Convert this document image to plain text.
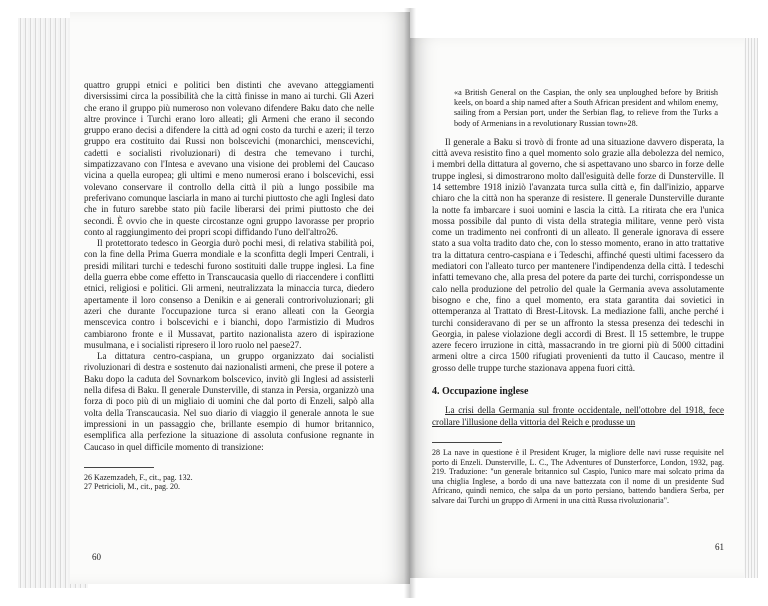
quattro gruppi etnici e politici ben distinti che avevano atteggiamenti diversissimi circa la possibilità che la città finisse in mano ai turchi. Gli Azeri che erano il gruppo più numeroso non volevano difendere Baku dato che nelle altre province i Turchi erano loro alleati; gli Armeni che erano il secondo gruppo erano decisi a difendere la città ad ogni costo da turchi e azeri; il terzo gruppo era costituito dai Russi non bolscevichi (monarchici, menscevichi, cadetti e socialisti rivoluzionari) di destra che temevano i turchi, simpatizzavano con l'Intesa e avevano una visione dei problemi del Caucaso vicina a quella europea; gli ultimi e meno numerosi erano i bolscevichi, essi volevano conservare il controllo della città il più a lungo possibile ma preferivano comunque lasciarla in mano ai turchi piuttosto che agli Inglesi dato che in futuro sarebbe stato più facile liberarsi dei primi piuttosto che dei secondi. È ovvio che in queste circostanze ogni gruppo lavorasse per proprio conto al raggiungimento dei propri scopi diffidando l'uno dell'altro26.

Il protettorato tedesco in Georgia durò pochi mesi, di relativa stabilità poi, con la fine della Prima Guerra mondiale e la sconfitta degli Imperi Centrali, i presidi militari turchi e tedeschi furono sostituiti dalle truppe inglesi. La fine della guerra ebbe come effetto in Transcaucasia quello di riaccendere i conflitti etnici, religiosi e politici. Gli armeni, neutralizzata la minaccia turca, diedero apertamente il loro consenso a Denikin e ai generali controrivoluzionari; gli azeri che durante l'occupazione turca si erano alleati con la Georgia menscevica contro i bolscevichi e i bianchi, dopo l'armistizio di Mudros cambiarono fronte e il Mussavat, partito nazionalista azero di ispirazione musulmana, e i socialisti ripresero il loro ruolo nel paese27.

La dittatura centro-caspiana, un gruppo organizzato dai socialisti rivoluzionari di destra e sostenuto dai nazionalisti armeni, che prese il potere a Baku dopo la caduta del Sovnarkom bolscevico, invitò gli Inglesi ad assisterli nella difesa di Baku. Il generale Dunsterville, di stanza in Persia, organizzò una forza di poco più di un migliaio di uomini che dal porto di Enzeli, salpò alla volta della Transcaucasia. Nel suo diario di viaggio il generale annota le sue impressioni in un passaggio che, brillante esempio di humor britannico, esemplifica alla perfezione la situazione di assoluta confusione regnante in Caucaso in quel difficile momento di transizione:

26 Kazemzadeh, F., cit., pag. 132.

27 Petricioli, M., cit., pag. 20.

60

«a British General on the Caspian, the only sea unploughed before by British keels, on board a ship named after a South African president and whilom enemy, sailing from a Persian port, under the Serbian flag, to relieve from the Turks a body of Armenians in a revolutionary Russian town»28.

Il generale a Baku si trovò di fronte ad una situazione davvero disperata, la città aveva resistito fino a quel momento solo grazie alla debolezza del nemico, i membri della dittatura al governo, che si aspettavano uno sbarco in forze delle truppe inglesi, si dimostrarono molto dall'esiguità delle forze di Dunsterville. Il 14 settembre 1918 iniziò l'avanzata turca sulla città e, fin dall'inizio, apparve chiaro che la città non ha speranze di resistere. Il generale Dunsterville durante la notte fa imbarcare i suoi uomini e lascia la città. La ritirata che era l'unica mossa possibile dal punto di vista della strategia militare, venne però vista come un tradimento nei confronti di un alleato. Il generale ignorava di essere stato a sua volta tradito dato che, con lo stesso momento, erano in atto trattative tra la dittatura centro-caspiana e i Tedeschi, affinché questi ultimi facessero da mediatori con l'alleato turco per mantenere l'indipendenza della città. I tedeschi infatti temevano che, alla presa del potere da parte dei turchi, corrispondesse un calo nella produzione del petrolio del quale la Germania aveva assolutamente bisogno e che, fino a quel momento, era stata garantita dai sovietici in ottemperanza al Trattato di Brest-Litovsk. La mediazione fallì, anche perché i turchi consideravano di per se un affronto la stessa presenza dei tedeschi in Georgia, in palese violazione degli accordi di Brest. Il 15 settembre, le truppe azere fecero irruzione in città, massacrando in tre giorni più di 5000 cittadini armeni oltre a circa 1500 rifugiati provenienti da tutto il Caucaso, mentre il grosso delle truppe turche stazionava appena fuori città.

4. Occupazione inglese

La crisi della Germania sul fronte occidentale, nell'ottobre del 1918, fece crollare l'illusione della vittoria del Reich e produsse un

28 La nave in questione è il President Kruger, la migliore delle navi russe requisite nel porto di Enzeli. Dunsterville, L. C., The Adventures of Dunsterforce, London, 1932, pag. 219. Traduzione: "un generale britannico sul Caspio, l'unico mare mai solcato prima da una chiglia Inglese, a bordo di una nave battezzata con il nome di un presidente Sud Africano, quindi nemico, che salpa da un porto persiano, battendo bandiera Serba, per salvare dai Turchi un gruppo di Armeni in una città Russa rivoluzionaria".

61
